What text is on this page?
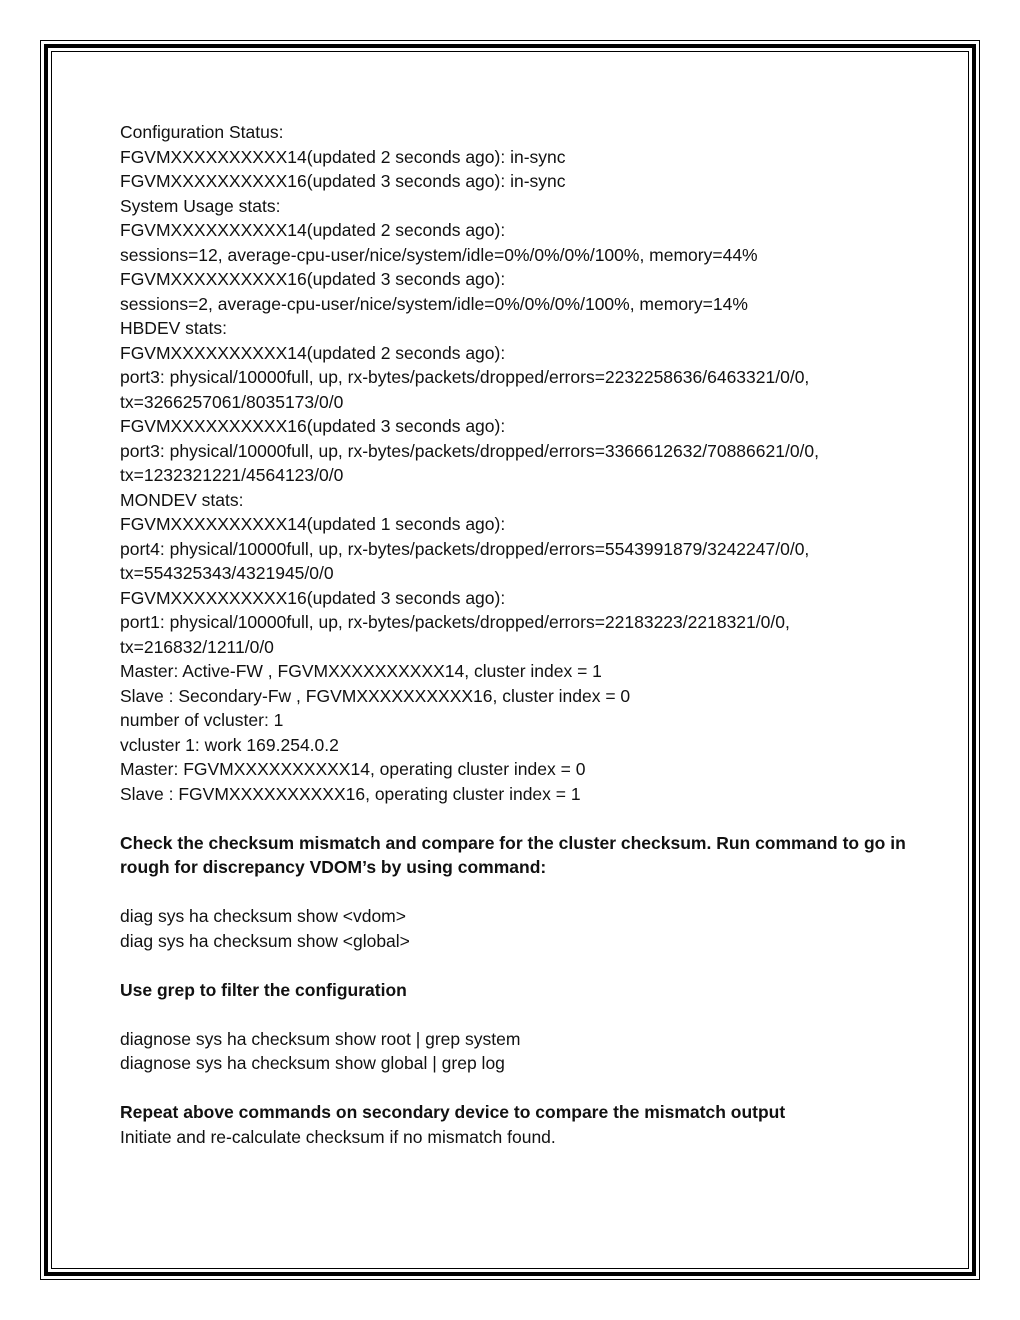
Configuration Status:
FGVMXXXXXXXXXX14(updated 2 seconds ago): in-sync
FGVMXXXXXXXXXX16(updated 3 seconds ago): in-sync
System Usage stats:
FGVMXXXXXXXXXX14(updated 2 seconds ago):
sessions=12, average-cpu-user/nice/system/idle=0%/0%/0%/100%, memory=44%
FGVMXXXXXXXXXX16(updated 3 seconds ago):
sessions=2, average-cpu-user/nice/system/idle=0%/0%/0%/100%, memory=14%
HBDEV stats:
FGVMXXXXXXXXXX14(updated 2 seconds ago):
port3: physical/10000full, up, rx-bytes/packets/dropped/errors=2232258636/6463321/0/0,
tx=3266257061/8035173/0/0
FGVMXXXXXXXXXX16(updated 3 seconds ago):
port3: physical/10000full, up, rx-bytes/packets/dropped/errors=3366612632/70886621/0/0,
tx=1232321221/4564123/0/0
MONDEV stats:
FGVMXXXXXXXXXX14(updated 1 seconds ago):
port4: physical/10000full, up, rx-bytes/packets/dropped/errors=5543991879/3242247/0/0,
tx=554325343/4321945/0/0
FGVMXXXXXXXXXX16(updated 3 seconds ago):
port1: physical/10000full, up, rx-bytes/packets/dropped/errors=22183223/2218321/0/0,
tx=216832/1211/0/0
Master: Active-FW , FGVMXXXXXXXXXX14, cluster index = 1
Slave : Secondary-Fw , FGVMXXXXXXXXXX16, cluster index = 0
number of vcluster: 1
vcluster 1: work 169.254.0.2
Master: FGVMXXXXXXXXXX14, operating cluster index = 0
Slave : FGVMXXXXXXXXXX16, operating cluster index = 1
Check the checksum mismatch and compare for the cluster checksum. Run command to go in rough for discrepancy VDOM’s by using command:
diag sys ha checksum show <vdom>
diag sys ha checksum show <global>
Use grep to filter the configuration
diagnose sys ha checksum show root | grep system
diagnose sys ha checksum show global | grep log
Repeat above commands on secondary device to compare the mismatch output
Initiate and re-calculate checksum if no mismatch found.
